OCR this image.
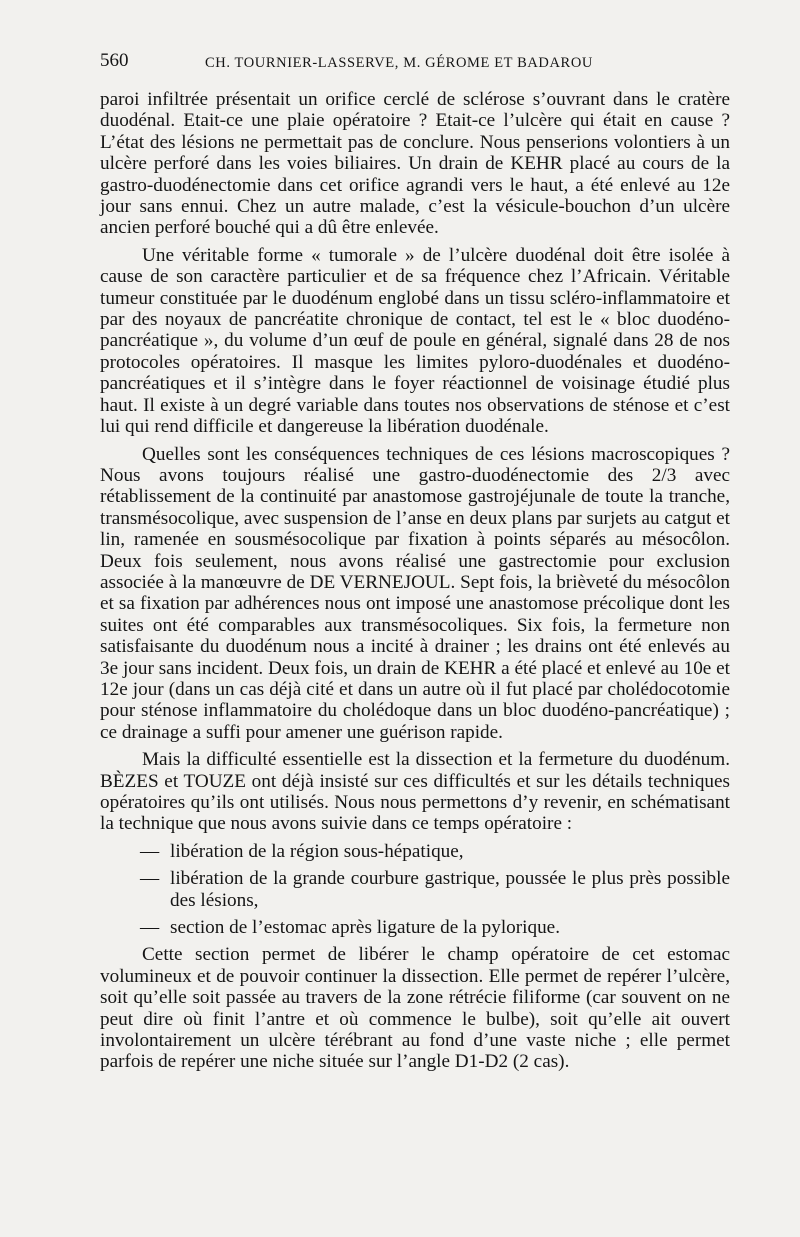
560	CH. TOURNIER-LASSERVE, M. GÉROME ET BADAROU

paroi infiltrée présentait un orifice cerclé de sclérose s’ouvrant dans le cratère duodénal. Etait-ce une plaie opératoire ? Etait-ce l’ulcère qui était en cause ? L’état des lésions ne permettait pas de conclure. Nous penserions volontiers à un ulcère perforé dans les voies biliaires. Un drain de KEHR placé au cours de la gastro-duodénectomie dans cet orifice agrandi vers le haut, a été enlevé au 12e jour sans ennui. Chez un autre malade, c’est la vésicule-bouchon d’un ulcère ancien perforé bouché qui a dû être enlevée.

Une véritable forme « tumorale » de l’ulcère duodénal doit être isolée à cause de son caractère particulier et de sa fréquence chez l’Africain. Véritable tumeur constituée par le duodénum englobé dans un tissu scléro-inflammatoire et par des noyaux de pancréatite chronique de contact, tel est le « bloc duodéno-pancréatique », du volume d’un œuf de poule en général, signalé dans 28 de nos protocoles opératoires. Il masque les limites pyloro-duodénales et duodéno-pancréatiques et il s’intègre dans le foyer réactionnel de voisinage étudié plus haut. Il existe à un degré variable dans toutes nos observations de sténose et c’est lui qui rend difficile et dangereuse la libération duodénale.

Quelles sont les conséquences techniques de ces lésions macroscopiques ? Nous avons toujours réalisé une gastro-duodénectomie des 2/3 avec rétablissement de la continuité par anastomose gastrojéjunale de toute la tranche, transmésocolique, avec suspension de l’anse en deux plans par surjets au catgut et lin, ramenée en sousmésocolique par fixation à points séparés au mésocôlon. Deux fois seulement, nous avons réalisé une gastrectomie pour exclusion associée à la manœuvre de DE VERNEJOUL. Sept fois, la brièveté du mésocôlon et sa fixation par adhérences nous ont imposé une anastomose précolique dont les suites ont été comparables aux transmésocoliques. Six fois, la fermeture non satisfaisante du duodénum nous a incité à drainer ; les drains ont été enlevés au 3e jour sans incident. Deux fois, un drain de KEHR a été placé et enlevé au 10e et 12e jour (dans un cas déjà cité et dans un autre où il fut placé par cholédocotomie pour sténose inflammatoire du cholédoque dans un bloc duodéno-pancréatique) ; ce drainage a suffi pour amener une guérison rapide.

Mais la difficulté essentielle est la dissection et la fermeture du duodénum. BÈZES et TOUZE ont déjà insisté sur ces difficultés et sur les détails techniques opératoires qu’ils ont utilisés. Nous nous permettons d’y revenir, en schématisant la technique que nous avons suivie dans ce temps opératoire :

— libération de la région sous-hépatique,
— libération de la grande courbure gastrique, poussée le plus près possible des lésions,
— section de l’estomac après ligature de la pylorique.

Cette section permet de libérer le champ opératoire de cet estomac volumineux et de pouvoir continuer la dissection. Elle permet de repérer l’ulcère, soit qu’elle soit passée au travers de la zone rétrécie filiforme (car souvent on ne peut dire où finit l’antre et où commence le bulbe), soit qu’elle ait ouvert involontairement un ulcère térébrant au fond d’une vaste niche ; elle permet parfois de repérer une niche située sur l’angle D1-D2 (2 cas).
